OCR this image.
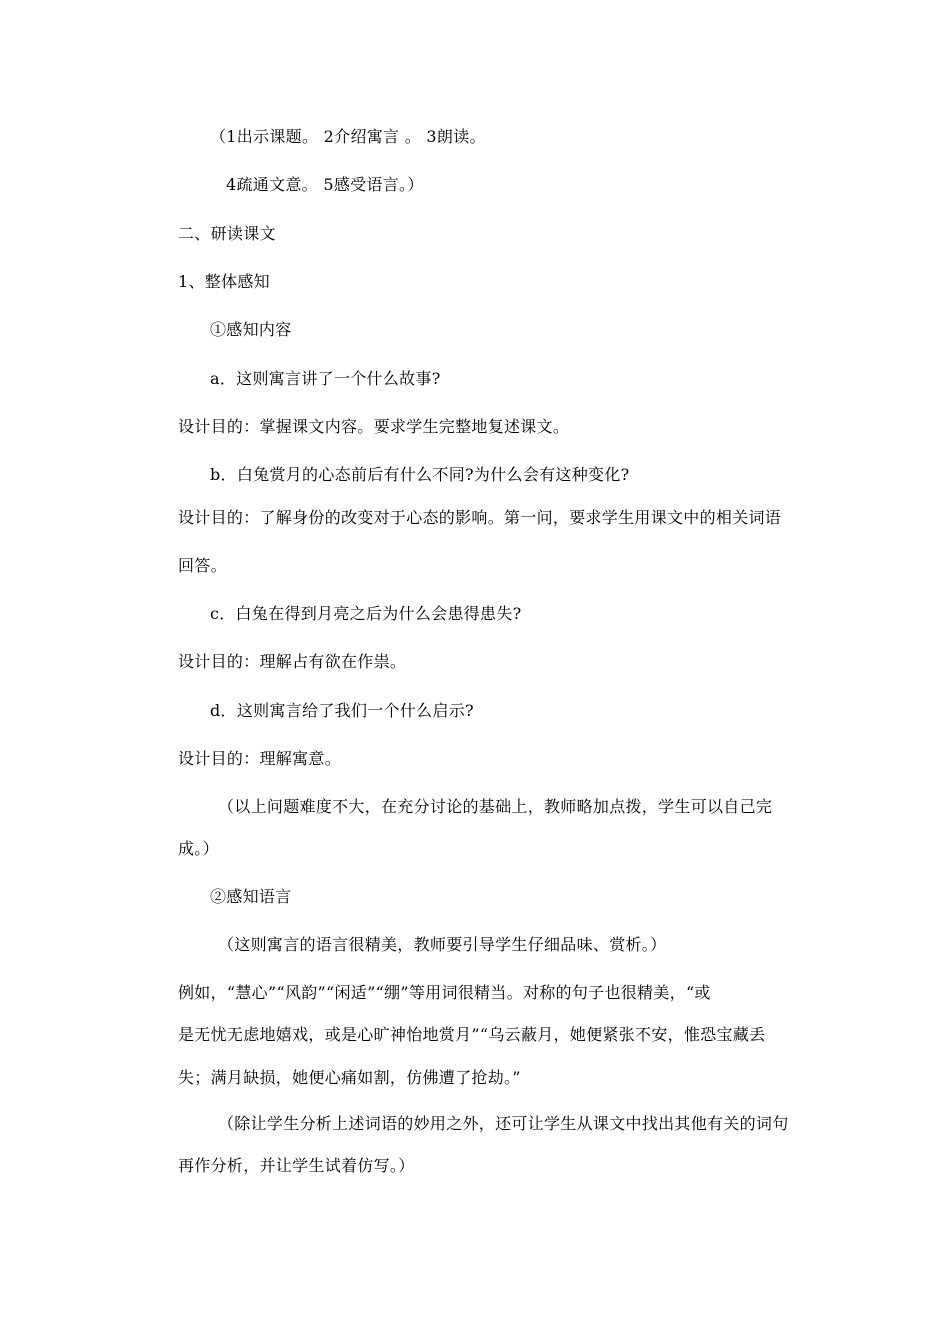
（1出示课题。 2介绍寓言 。 3朗读。
4疏通文意。 5感受语言。）
二、研读课文
1、整体感知
①感知内容
a．这则寓言讲了一个什么故事?
设计目的：掌握课文内容。要求学生完整地复述课文。
b．白兔赏月的心态前后有什么不同?为什么会有这种变化?
设计目的：了解身份的改变对于心态的影响。第一问，要求学生用课文中的相关词语
回答。
c．白兔在得到月亮之后为什么会患得患失?
设计目的：理解占有欲在作祟。
d．这则寓言给了我们一个什么启示?
设计目的：理解寓意。
（以上问题难度不大，在充分讨论的基础上，教师略加点拨，学生可以自己完
成。）
②感知语言
（这则寓言的语言很精美，教师要引导学生仔细品味、赏析。）
例如，“慧心”“风韵”“闲适”“绷”等用词很精当。对称的句子也很精美，“或
是无忧无虑地嬉戏，或是心旷神怡地赏月”“乌云蔽月，她便紧张不安，惟恐宝藏丢
失；满月缺损，她便心痛如割，仿佛遭了抢劫。”
（除让学生分析上述词语的妙用之外，还可让学生从课文中找出其他有关的词句
再作分析，并让学生试着仿写。）
